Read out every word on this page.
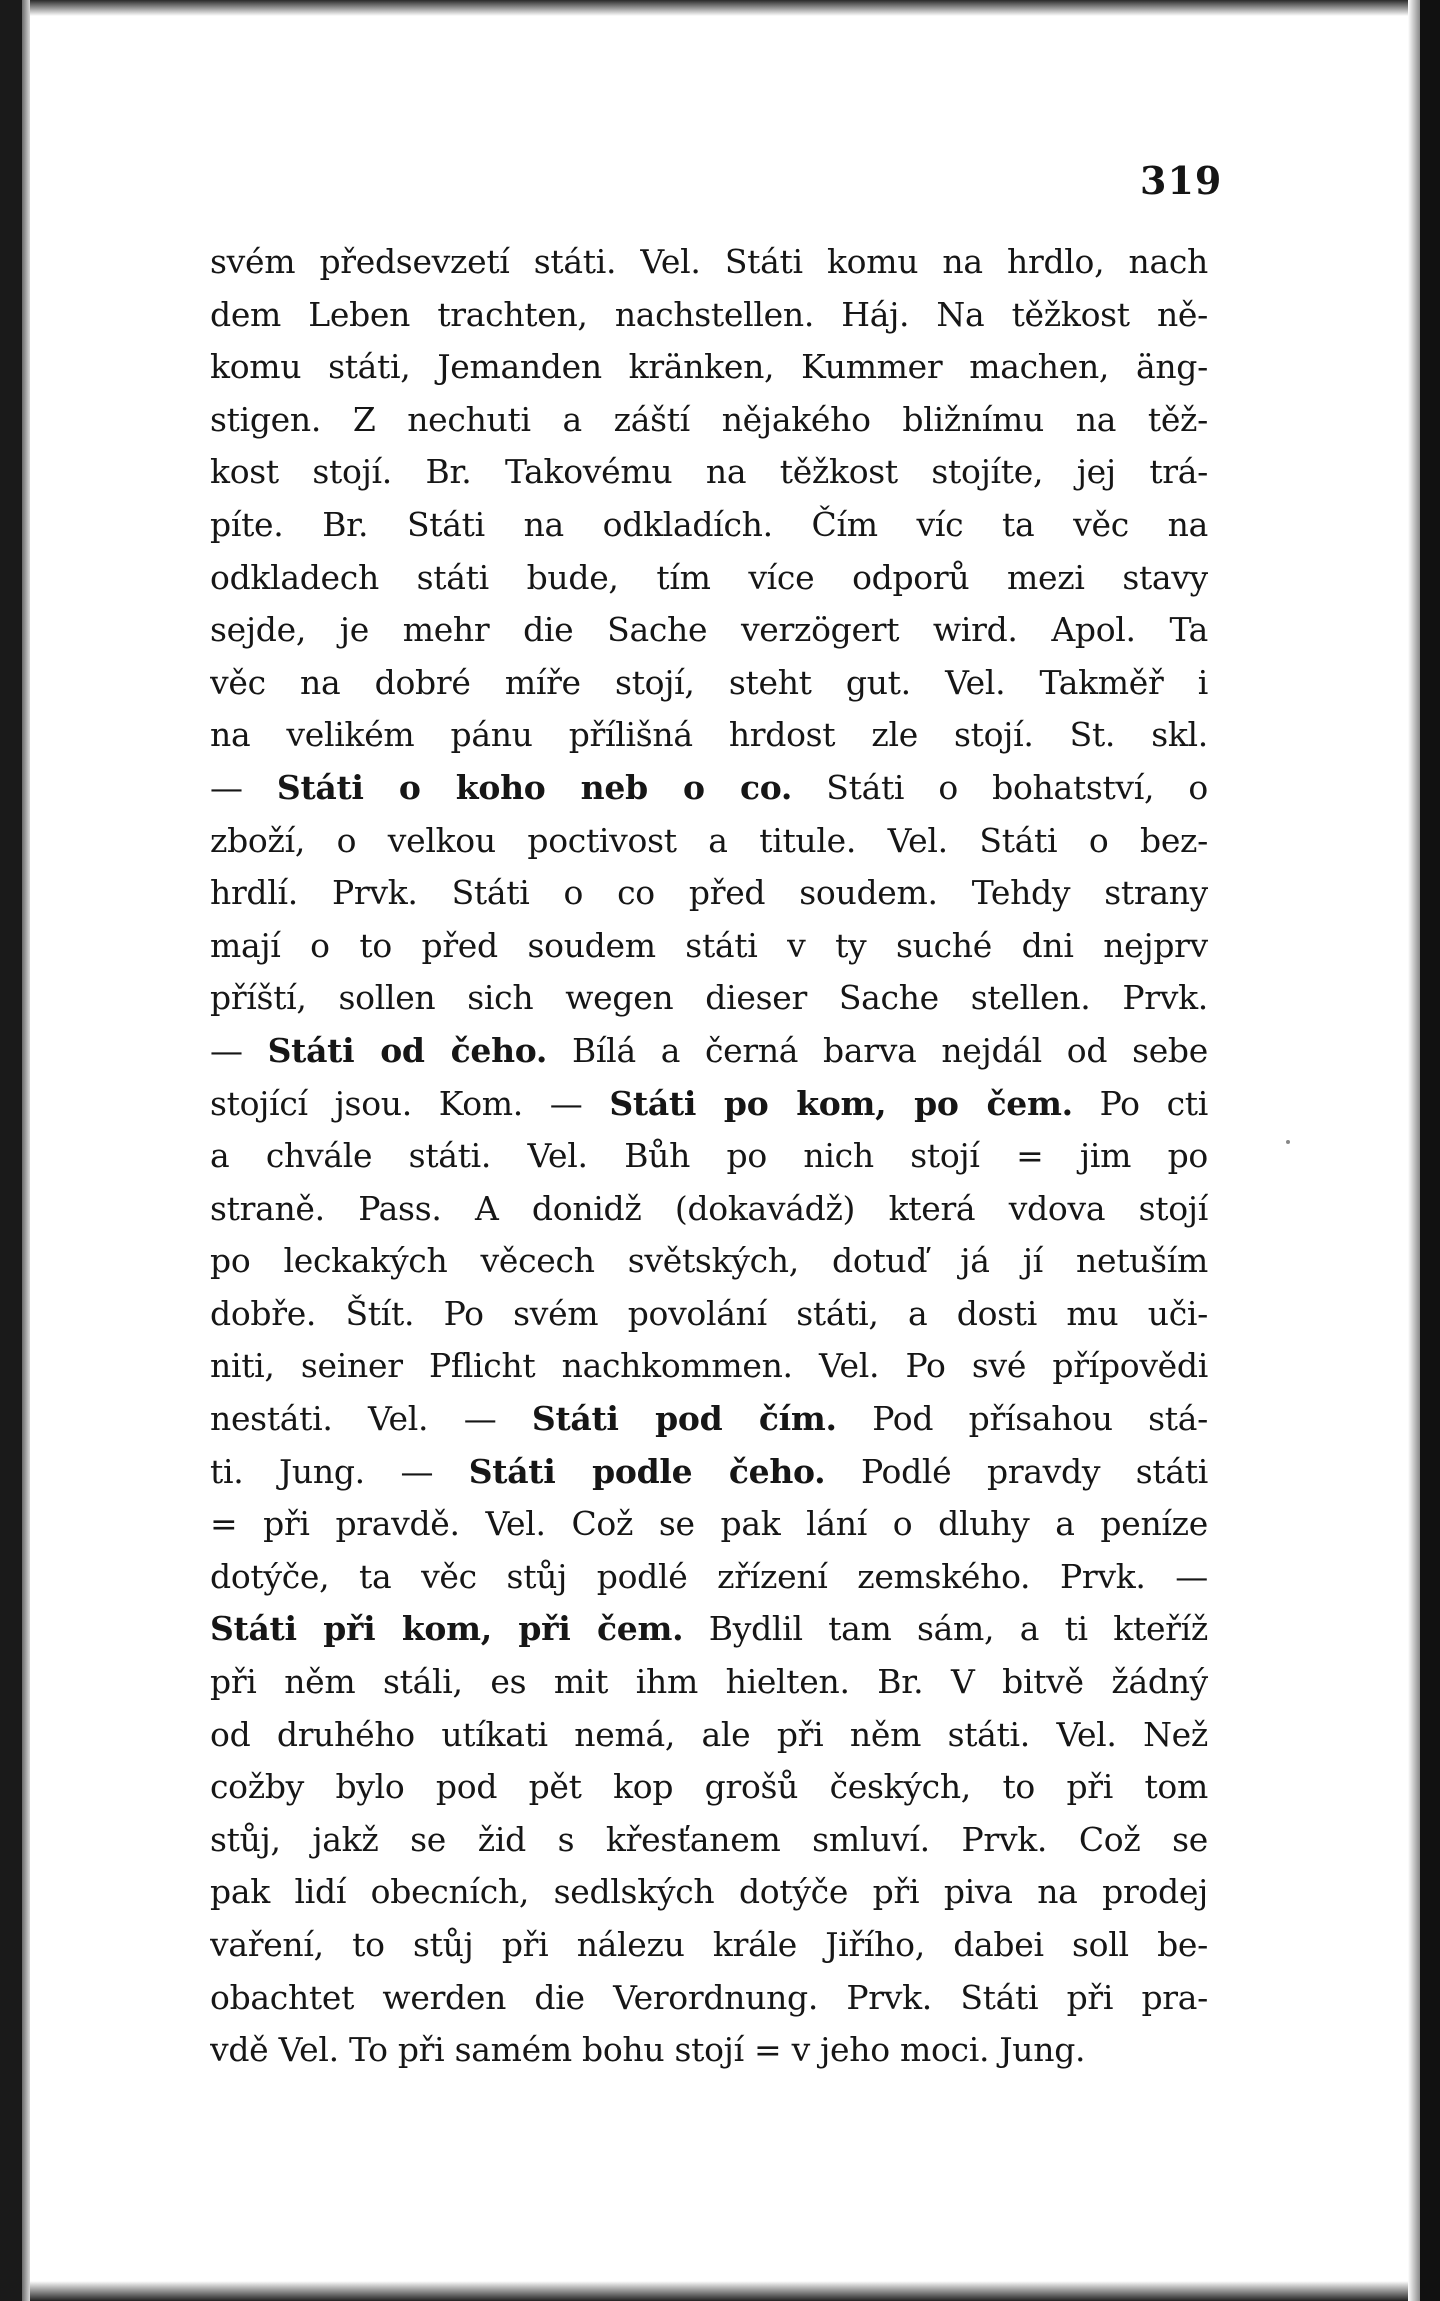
319
svém předsevzetí státi. Vel. Státi komu na hrdlo, nach
dem Leben trachten, nachstellen. Háj. Na těžkost ně-
komu státi, Jemanden kränken, Kummer machen, äng-
stigen. Z nechuti a záští nějakého bližnímu na těž-
kost stojí. Br. Takovému na těžkost stojíte, jej trá-
píte. Br. Státi na odkladích. Čím víc ta věc na
odkladech státi bude, tím více odporů mezi stavy
sejde, je mehr die Sache verzögert wird. Apol. Ta
věc na dobré míře stojí, steht gut. Vel. Takměř i
na velikém pánu přílišná hrdost zle stojí. St. skl.
— Státi o koho neb o co. Státi o bohatství, o
zboží, o velkou poctivost a titule. Vel. Státi o bez-
hrdlí. Prvk. Státi o co před soudem. Tehdy strany
mají o to před soudem státi v ty suché dni nejprv
příští, sollen sich wegen dieser Sache stellen. Prvk.
— Státi od čeho. Bílá a černá barva nejdál od sebe
stojící jsou. Kom. — Státi po kom, po čem. Po cti
a chvále státi. Vel. Bůh po nich stojí = jim po
straně. Pass. A donidž (dokavádž) která vdova stojí
po leckakých věcech světských, dotuď já jí netuším
dobře. Štít. Po svém povolání státi, a dosti mu uči-
niti, seiner Pflicht nachkommen. Vel. Po své přípovědi
nestáti. Vel. — Státi pod čím. Pod přísahou stá-
ti. Jung. — Státi podle čeho. Podlé pravdy státi
= při pravdě. Vel. Což se pak lání o dluhy a peníze
dotýče, ta věc stůj podlé zřízení zemského. Prvk. —
Státi při kom, při čem. Bydlil tam sám, a ti kteříž
při něm stáli, es mit ihm hielten. Br. V bitvě žádný
od druhého utíkati nemá, ale při něm státi. Vel. Než
cožby bylo pod pět kop grošů českých, to při tom
stůj, jakž se žid s křesťanem smluví. Prvk. Což se
pak lidí obecních, sedlských dotýče při piva na prodej
vaření, to stůj při nálezu krále Jiřího, dabei soll be-
obachtet werden die Verordnung. Prvk. Státi při pra-
vdě Vel. To při samém bohu stojí = v jeho moci. Jung.
